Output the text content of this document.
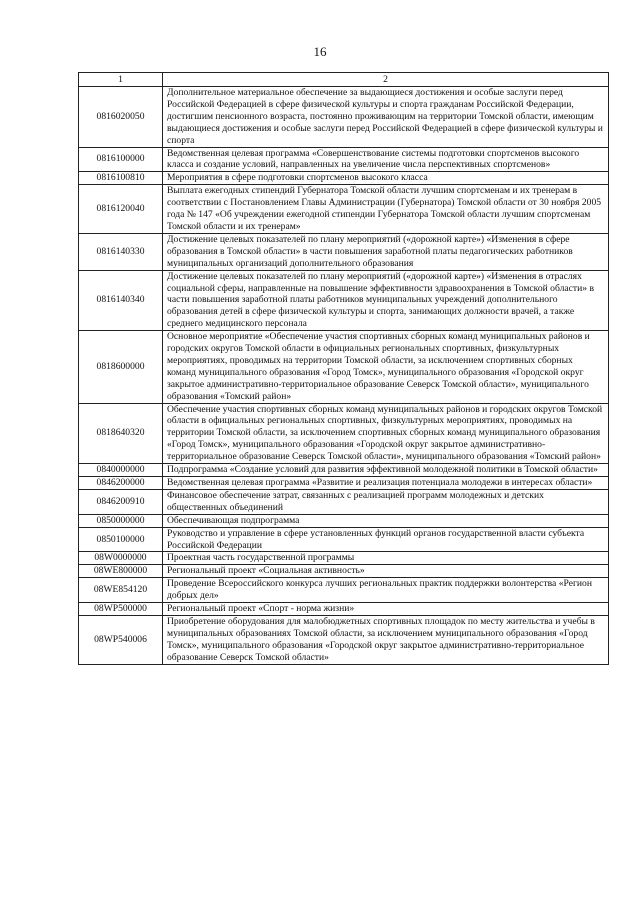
16
1	2
0816020050	Дополнительное материальное обеспечение за выдающиеся достижения и особые заслуги перед Российской Федерацией в сфере физической культуры и спорта гражданам Российской Федерации, достигшим пенсионного возраста, постоянно проживающим на территории Томской области, имеющим выдающиеся достижения и особые заслуги перед Российской Федерацией в сфере физической культуры и спорта
0816100000	Ведомственная целевая программа «Совершенствование системы подготовки спортсменов высокого класса и создание условий, направленных на увеличение числа перспективных спортсменов»
0816100810	Мероприятия в сфере подготовки спортсменов высокого класса
0816120040	Выплата ежегодных стипендий Губернатора Томской области лучшим спортсменам и их тренерам в соответствии с Постановлением Главы Администрации (Губернатора) Томской области от 30 ноября 2005 года № 147 «Об учреждении ежегодной стипендии Губернатора Томской области лучшим спортсменам Томской области и их тренерам»
0816140330	Достижение целевых показателей по плану мероприятий («дорожной карте») «Изменения в сфере образования в Томской области» в части повышения заработной платы педагогических работников муниципальных организаций дополнительного образования
0816140340	Достижение целевых показателей по плану мероприятий («дорожной карте») «Изменения в отраслях социальной сферы, направленные на повышение эффективности здравоохранения в Томской области» в части повышения заработной платы работников муниципальных учреждений дополнительного образования детей в сфере физической культуры и спорта, занимающих должности врачей, а также среднего медицинского персонала
0818600000	Основное мероприятие «Обеспечение участия спортивных сборных команд муниципальных районов и городских округов Томской области в официальных региональных спортивных, физкультурных мероприятиях, проводимых на территории Томской области, за исключением спортивных сборных команд муниципального образования «Город Томск», муниципального образования «Городской округ закрытое административно-территориальное образование Северск Томской области», муниципального образования «Томский район»
0818640320	Обеспечение участия спортивных сборных команд муниципальных районов и городских округов Томской области в официальных региональных спортивных, физкультурных мероприятиях, проводимых на территории Томской области, за исключением спортивных сборных команд муниципального образования «Город Томск», муниципального образования «Городской округ закрытое административно-территориальное образование Северск Томской области», муниципального образования «Томский район»
0840000000	Подпрограмма «Создание условий для развития эффективной молодежной политики в Томской области»
0846200000	Ведомственная целевая программа «Развитие и реализация потенциала молодежи в интересах области»
0846200910	Финансовое обеспечение затрат, связанных с реализацией программ молодежных и детских общественных объединений
0850000000	Обеспечивающая подпрограмма
0850100000	Руководство и управление в сфере установленных функций органов государственной власти субъекта Российской Федерации
08W0000000	Проектная часть государственной программы
08WE800000	Региональный проект «Социальная активность»
08WE854120	Проведение Всероссийского конкурса лучших региональных практик поддержки волонтерства «Регион добрых дел»
08WP500000	Региональный проект «Спорт - норма жизни»
08WP540006	Приобретение оборудования для малобюджетных спортивных площадок по месту жительства и учебы в муниципальных образованиях Томской области, за исключением муниципального образования «Город Томск», муниципального образования «Городской округ закрытое административно-территориальное образование Северск Томской области»
